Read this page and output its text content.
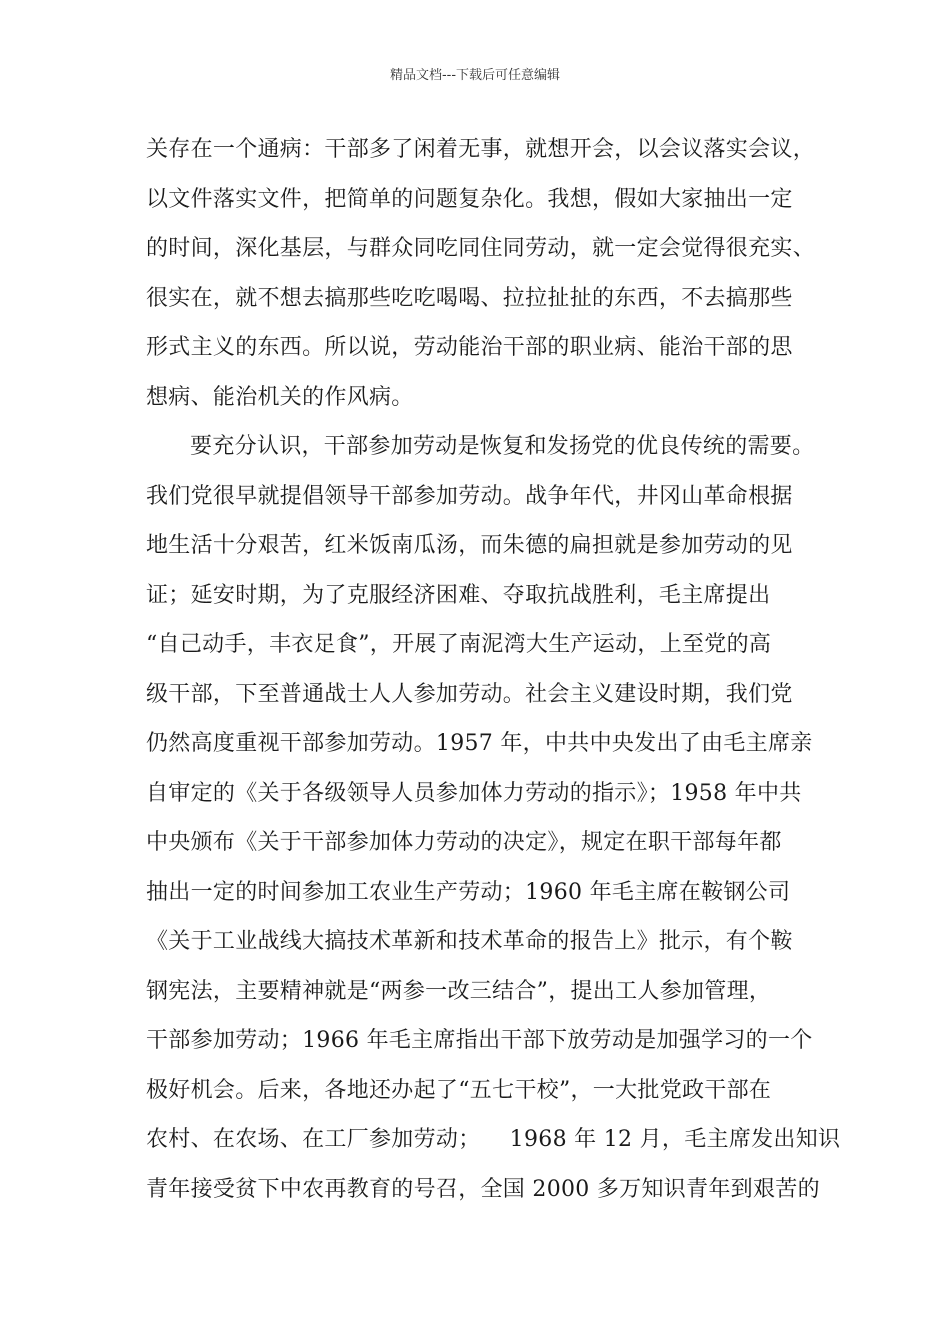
精品文档---下载后可任意编辑
关存在一个通病：干部多了闲着无事，就想开会，以会议落实会议，
以文件落实文件，把简单的问题复杂化。我想，假如大家抽出一定
的时间，深化基层，与群众同吃同住同劳动，就一定会觉得很充实、
很实在，就不想去搞那些吃吃喝喝、拉拉扯扯的东西，不去搞那些
形式主义的东西。所以说，劳动能治干部的职业病、能治干部的思
想病、能治机关的作风病。
要充分认识，干部参加劳动是恢复和发扬党的优良传统的需要。
我们党很早就提倡领导干部参加劳动。战争年代，井冈山革命根据
地生活十分艰苦，红米饭南瓜汤，而朱德的扁担就是参加劳动的见
证；延安时期，为了克服经济困难、夺取抗战胜利，毛主席提出
“自己动手，丰衣足食”，开展了南泥湾大生产运动，上至党的高
级干部，下至普通战士人人参加劳动。社会主义建设时期，我们党
仍然高度重视干部参加劳动。1957 年，中共中央发出了由毛主席亲
自审定的《关于各级领导人员参加体力劳动的指示》；1958 年中共
中央颁布《关于干部参加体力劳动的决定》，规定在职干部每年都
抽出一定的时间参加工农业生产劳动；1960 年毛主席在鞍钢公司
《关于工业战线大搞技术革新和技术革命的报告上》批示，有个鞍
钢宪法，主要精神就是“两参一改三结合”，提出工人参加管理，
干部参加劳动；1966 年毛主席指出干部下放劳动是加强学习的一个
极好机会。后来，各地还办起了“五七干校”，一大批党政干部在
农村、在农场、在工厂参加劳动；    1968 年 12 月，毛主席发出知识
青年接受贫下中农再教育的号召，全国 2000 多万知识青年到艰苦的
